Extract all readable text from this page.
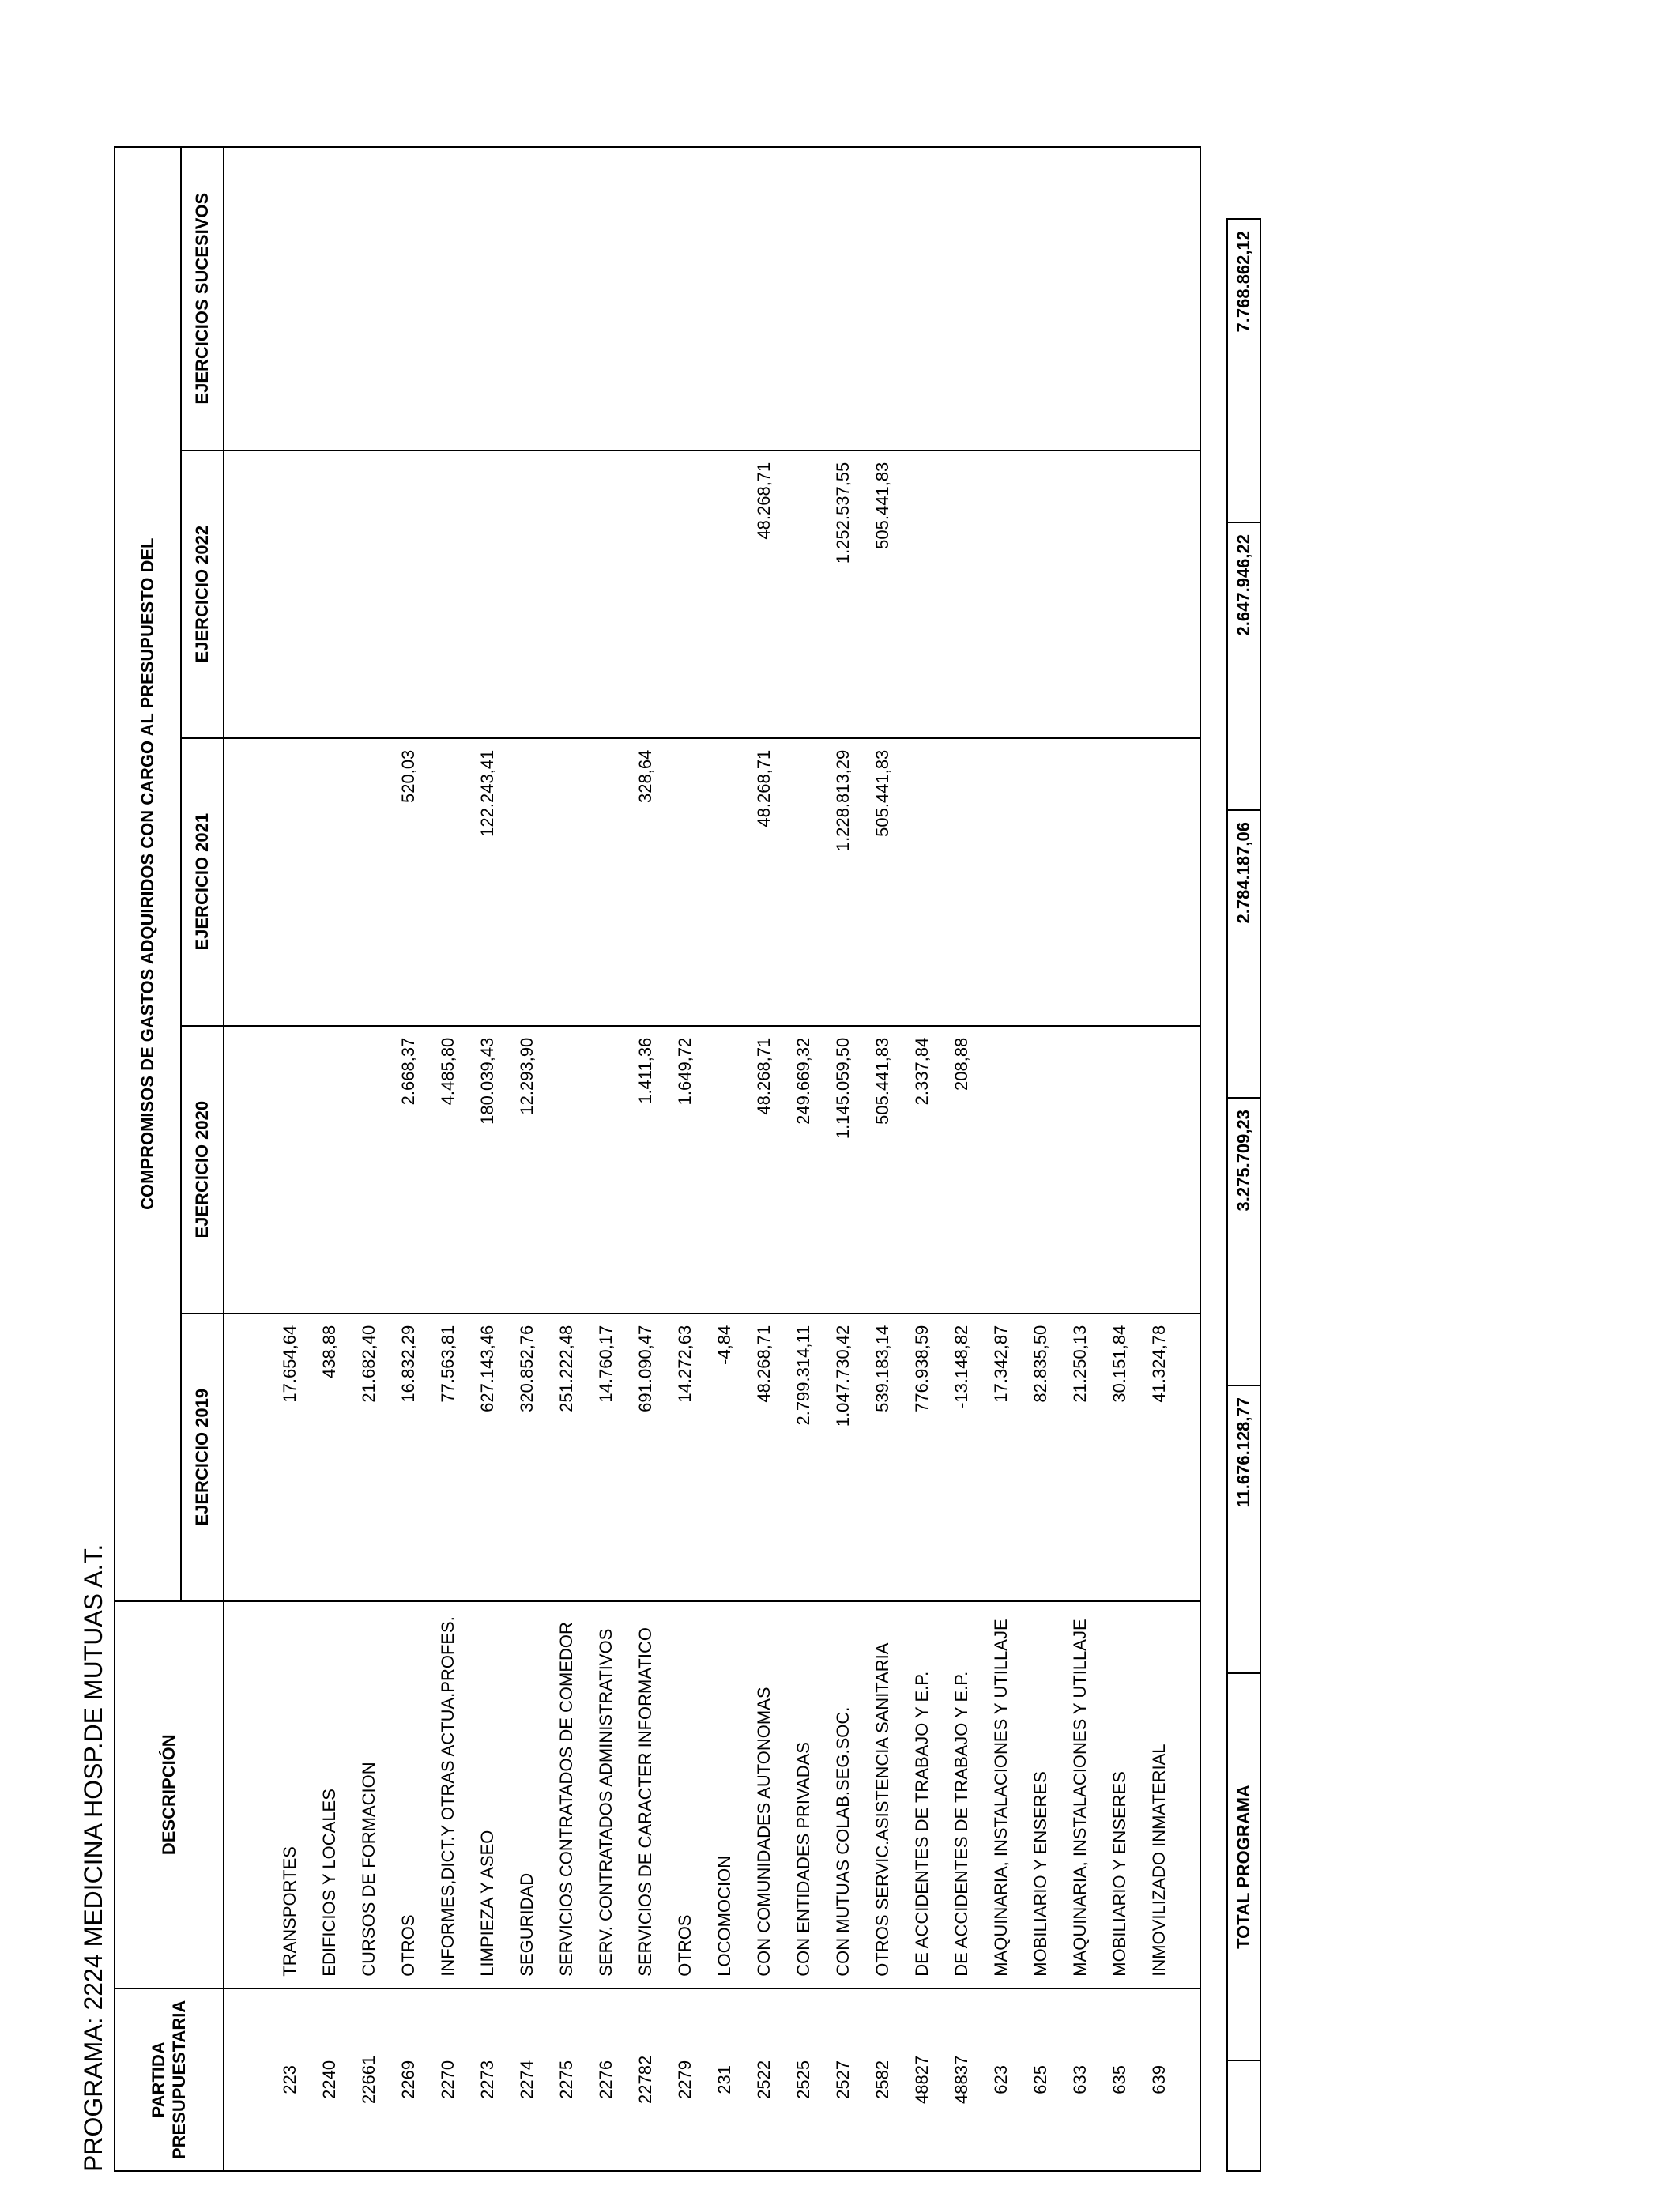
PROGRAMA: 2224 MEDICINA HOSP.DE MUTUAS A.T. PARTIDA
PRESUPUESTARIA	DESCRIPCIÓN	COMPROMISOS DE GASTOS ADQUIRIDOS CON CARGO AL PRESUPUESTO DEL				
		EJERCICIO 2019	EJERCICIO 2020	EJERCICIO 2021	EJERCICIO 2022	EJERCICIOS SUCESIVOS

223	TRANSPORTES	17.654,64				
2240	EDIFICIOS Y LOCALES	438,88				
22661	CURSOS DE FORMACION	21.682,40				
2269	OTROS	16.832,29	2.668,37	520,03		
2270	INFORMES,DICT.Y OTRAS ACTUA.PROFES.	77.563,81	4.485,80			
2273	LIMPIEZA Y ASEO	627.143,46	180.039,43	122.243,41		
2274	SEGURIDAD	320.852,76	12.293,90			
2275	SERVICIOS CONTRATADOS DE COMEDOR	251.222,48				
2276	SERV. CONTRATADOS ADMINISTRATIVOS	14.760,17				
22782	SERVICIOS DE CARACTER INFORMATICO	691.090,47	1.411,36	328,64		
2279	OTROS	14.272,63	1.649,72			
231	LOCOMOCION	-4,84				
2522	CON COMUNIDADES AUTONOMAS	48.268,71	48.268,71	48.268,71	48.268,71	
2525	CON ENTIDADES PRIVADAS	2.799.314,11	249.669,32			
2527	CON MUTUAS COLAB.SEG.SOC.	1.047.730,42	1.145.059,50	1.228.813,29	1.252.537,55	
2582	OTROS SERVIC.ASISTENCIA SANITARIA	539.183,14	505.441,83	505.441,83	505.441,83	
48827	DE ACCIDENTES DE TRABAJO Y E.P.	776.938,59	2.337,84			
48837	DE ACCIDENTES DE TRABAJO Y E.P.	-13.148,82	208,88			
623	MAQUINARIA, INSTALACIONES Y UTILLAJE	17.342,87				
625	MOBILIARIO Y ENSERES	82.835,50				
633	MAQUINARIA, INSTALACIONES Y UTILLAJE	21.250,13				
635	MOBILIARIO Y ENSERES	30.151,84				
639	INMOVILIZADO INMATERIAL	41.324,78				

	TOTAL PROGRAMA	11.676.128,77	3.275.709,23	2.784.187,06	2.647.946,22	7.768.862,12
